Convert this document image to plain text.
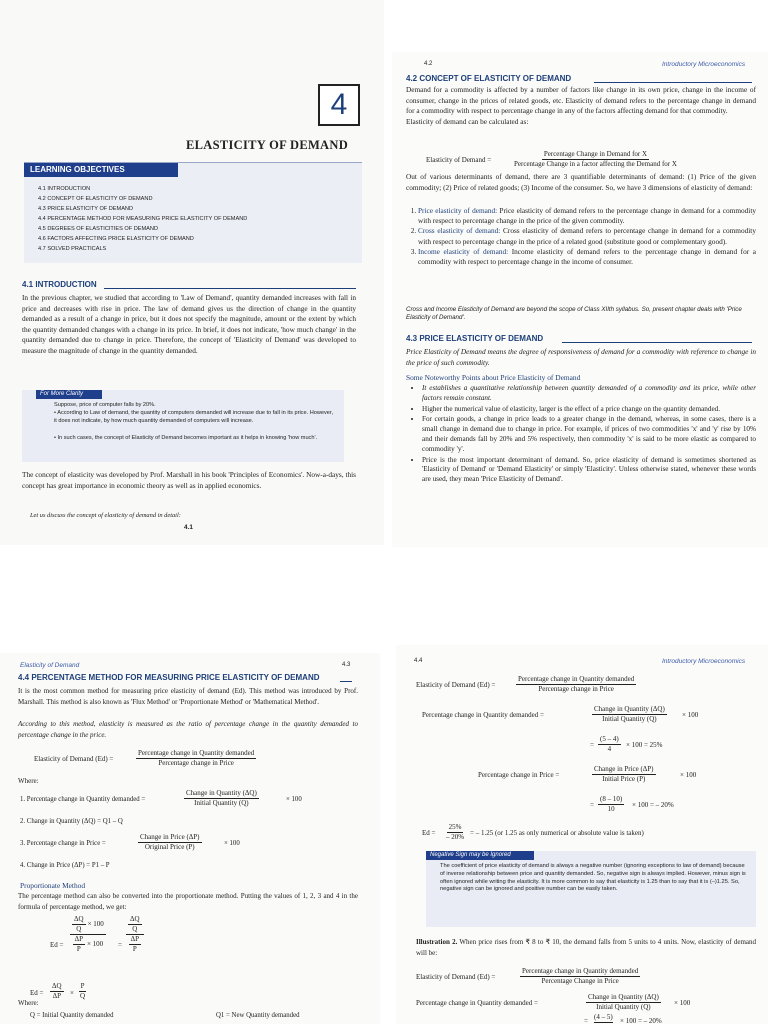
4
ELASTICITY OF DEMAND
LEARNING OBJECTIVES
4.1 INTRODUCTION
4.2 CONCEPT OF ELASTICITY OF DEMAND
4.3 PRICE ELASTICITY OF DEMAND
4.4 PERCENTAGE METHOD FOR MEASURING PRICE ELASTICITY OF DEMAND
4.5 DEGREES OF ELASTICITIES OF DEMAND
4.6 FACTORS AFFECTING PRICE ELASTICITY OF DEMAND
4.7 SOLVED PRACTICALS
4.1 INTRODUCTION
In the previous chapter, we studied that according to 'Law of Demand', quantity demanded increases with fall in price and decreases with rise in price. The law of demand gives us the direction of change in the quantity demanded as a result of a change in price, but it does not specify the magnitude, amount or the extent by which the quantity demanded changes with a change in its price. In brief, it does not indicate, 'how much change' in the quantity demanded due to change in price. Therefore, the concept of 'Elasticity of Demand' was developed to measure the magnitude of change in the quantity demanded.
For More Clarity
Suppose, price of computer falls by 20%.
• According to Law of demand, the quantity of computers demanded will increase due to fall in its price. However, it does not indicate, by how much quantity demanded of computers will increase.
• In such cases, the concept of Elasticity of Demand becomes important as it helps in knowing 'how much'.
The concept of elasticity was developed by Prof. Marshall in his book 'Principles of Economics'. Now-a-days, this concept has great importance in economic theory as well as in applied economics.
Let us discuss the concept of elasticity of demand in detail:
4.1
4.2	Introductory Microeconomics
4.2 CONCEPT OF ELASTICITY OF DEMAND
Demand for a commodity is affected by a number of factors like change in its own price, change in the income of consumer, change in the prices of related goods, etc. Elasticity of demand refers to the percentage change in demand for a commodity with respect to percentage change in any of the factors affecting demand for that commodity.
Elasticity of demand can be calculated as:
Elasticity of Demand =
Percentage Change in Demand for X
Percentage Change in a factor affecting the Demand for X
Out of various determinants of demand, there are 3 quantifiable determinants of demand: (1) Price of the given commodity; (2) Price of related goods; (3) Income of the consumer. So, we have 3 dimensions of elasticity of demand:
1. Price elasticity of demand: Price elasticity of demand refers to the percentage change in demand for a commodity with respect to percentage change in the price of the given commodity.
2. Cross elasticity of demand: Cross elasticity of demand refers to percentage change in demand for a commodity with respect to percentage change in the price of a related good (substitute good or complementary good).
3. Income elasticity of demand: Income elasticity of demand refers to the percentage change in demand for a commodity with respect to percentage change in the income of consumer.
Cross and Income Elasticity of Demand are beyond the scope of Class XIIth syllabus. So, present chapter deals with 'Price Elasticity of Demand'.
4.3 PRICE ELASTICITY OF DEMAND
Price Elasticity of Demand means the degree of responsiveness of demand for a commodity with reference to change in the price of such commodity.
Some Noteworthy Points about Price Elasticity of Demand
• It establishes a quantitative relationship between quantity demanded of a commodity and its price, while other factors remain constant.
• Higher the numerical value of elasticity, larger is the effect of a price change on the quantity demanded.
• For certain goods, a change in price leads to a greater change in the demand, whereas, in some cases, there is a small change in demand due to change in price. For example, if prices of two commodities 'x' and 'y' rise by 10% and their demands fall by 20% and 5% respectively, then commodity 'x' is said to be more elastic as compared to commodity 'y'.
• Price is the most important determinant of demand. So, price elasticity of demand is sometimes shortened as 'Elasticity of Demand' or 'Demand Elasticity' or simply 'Elasticity'. Unless otherwise stated, whenever these words are used, they mean 'Price Elasticity of Demand'.
Elasticity of Demand	4.3
4.4 PERCENTAGE METHOD FOR MEASURING PRICE ELASTICITY OF DEMAND
It is the most common method for measuring price elasticity of demand (Ed). This method was introduced by Prof. Marshall. This method is also known as 'Flux Method' or 'Proportionate Method' or 'Mathematical Method'.
According to this method, elasticity is measured as the ratio of percentage change in the quantity demanded to percentage change in the price.
Elasticity of Demand (Ed) =
Percentage change in Quantity demanded
Percentage change in Price
Where:
1. Percentage change in Quantity demanded =
Change in Quantity (ΔQ)
Initial Quantity (Q)	× 100
2. Change in Quantity (ΔQ) = Q1 – Q
3. Percentage change in Price =
Change in Price (ΔP)
Original Price (P)	× 100
4. Change in Price (ΔP) = P1 – P
Proportionate Method
The percentage method can also be converted into the proportionate method. Putting the values of 1, 2, 3 and 4 in the formula of percentage method, we get:
Ed =
$\frac{\Delta Q}{Q} \times 100$
$\frac{\Delta P}{P} \times 100$ =
ΔQ
Q
ΔP
P
$Ed = \frac{\Delta Q}{\Delta P} \times \frac{P}{Q}$
Where:
Q = Initial Quantity demanded	Q1 = New Quantity demanded
4.4	Introductory Microeconomics
Elasticity of Demand (Ed) =
Percentage change in Quantity demanded
Percentage change in Price
Percentage change in Quantity demanded =
Change in Quantity (ΔQ)
Initial Quantity (Q)	× 100
= $\frac{(5 - 4)}{4} \times 100 = 25\%$
Percentage change in Price =
Change in Price (ΔP)
Initial Price (P)	× 100
= $\frac{(8 - 10)}{10} \times 100$ = – 20%
$Ed = \frac{25\%}{- 20\%}$ = – 1.25 (or 1.25 as only numerical or absolute value is taken)
Negative Sign may be Ignored
The coefficient of price elasticity of demand is always a negative number (ignoring exceptions to law of demand) because of inverse relationship between price and quantity demanded. So, negative sign is always implied. However, minus sign is often ignored while writing the elasticity. It is more common to say that elasticity is 1.25 than to say that it is (–)1.25. So, negative sign can be ignored and positive number can be easily taken.
Illustration 2. When price rises from ₹ 8 to ₹ 10, the demand falls from 5 units to 4 units. Now, elasticity of demand will be:
Elasticity of Demand (Ed) =
Percentage change in Quantity demanded
Percentage Change in Price
Percentage change in Quantity demanded =
Change in Quantity (ΔQ)
Initial Quantity (Q)	× 100
= (4 – 5) × 100 = – 20%
